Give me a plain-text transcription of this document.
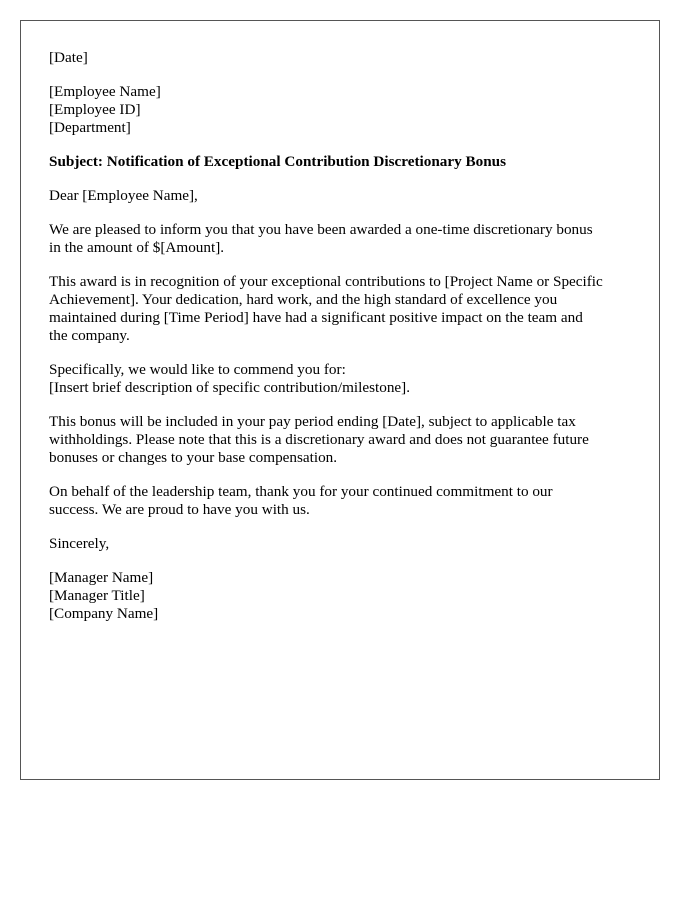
[Date]
[Employee Name]
[Employee ID]
[Department]
Subject: Notification of Exceptional Contribution Discretionary Bonus
Dear [Employee Name],
We are pleased to inform you that you have been awarded a one-time discretionary bonus
in the amount of $[Amount].
This award is in recognition of your exceptional contributions to [Project Name or Specific
Achievement]. Your dedication, hard work, and the high standard of excellence you
maintained during [Time Period] have had a significant positive impact on the team and
the company.
Specifically, we would like to commend you for:
[Insert brief description of specific contribution/milestone].
This bonus will be included in your pay period ending [Date], subject to applicable tax
withholdings. Please note that this is a discretionary award and does not guarantee future
bonuses or changes to your base compensation.
On behalf of the leadership team, thank you for your continued commitment to our
success. We are proud to have you with us.
Sincerely,
[Manager Name]
[Manager Title]
[Company Name]
